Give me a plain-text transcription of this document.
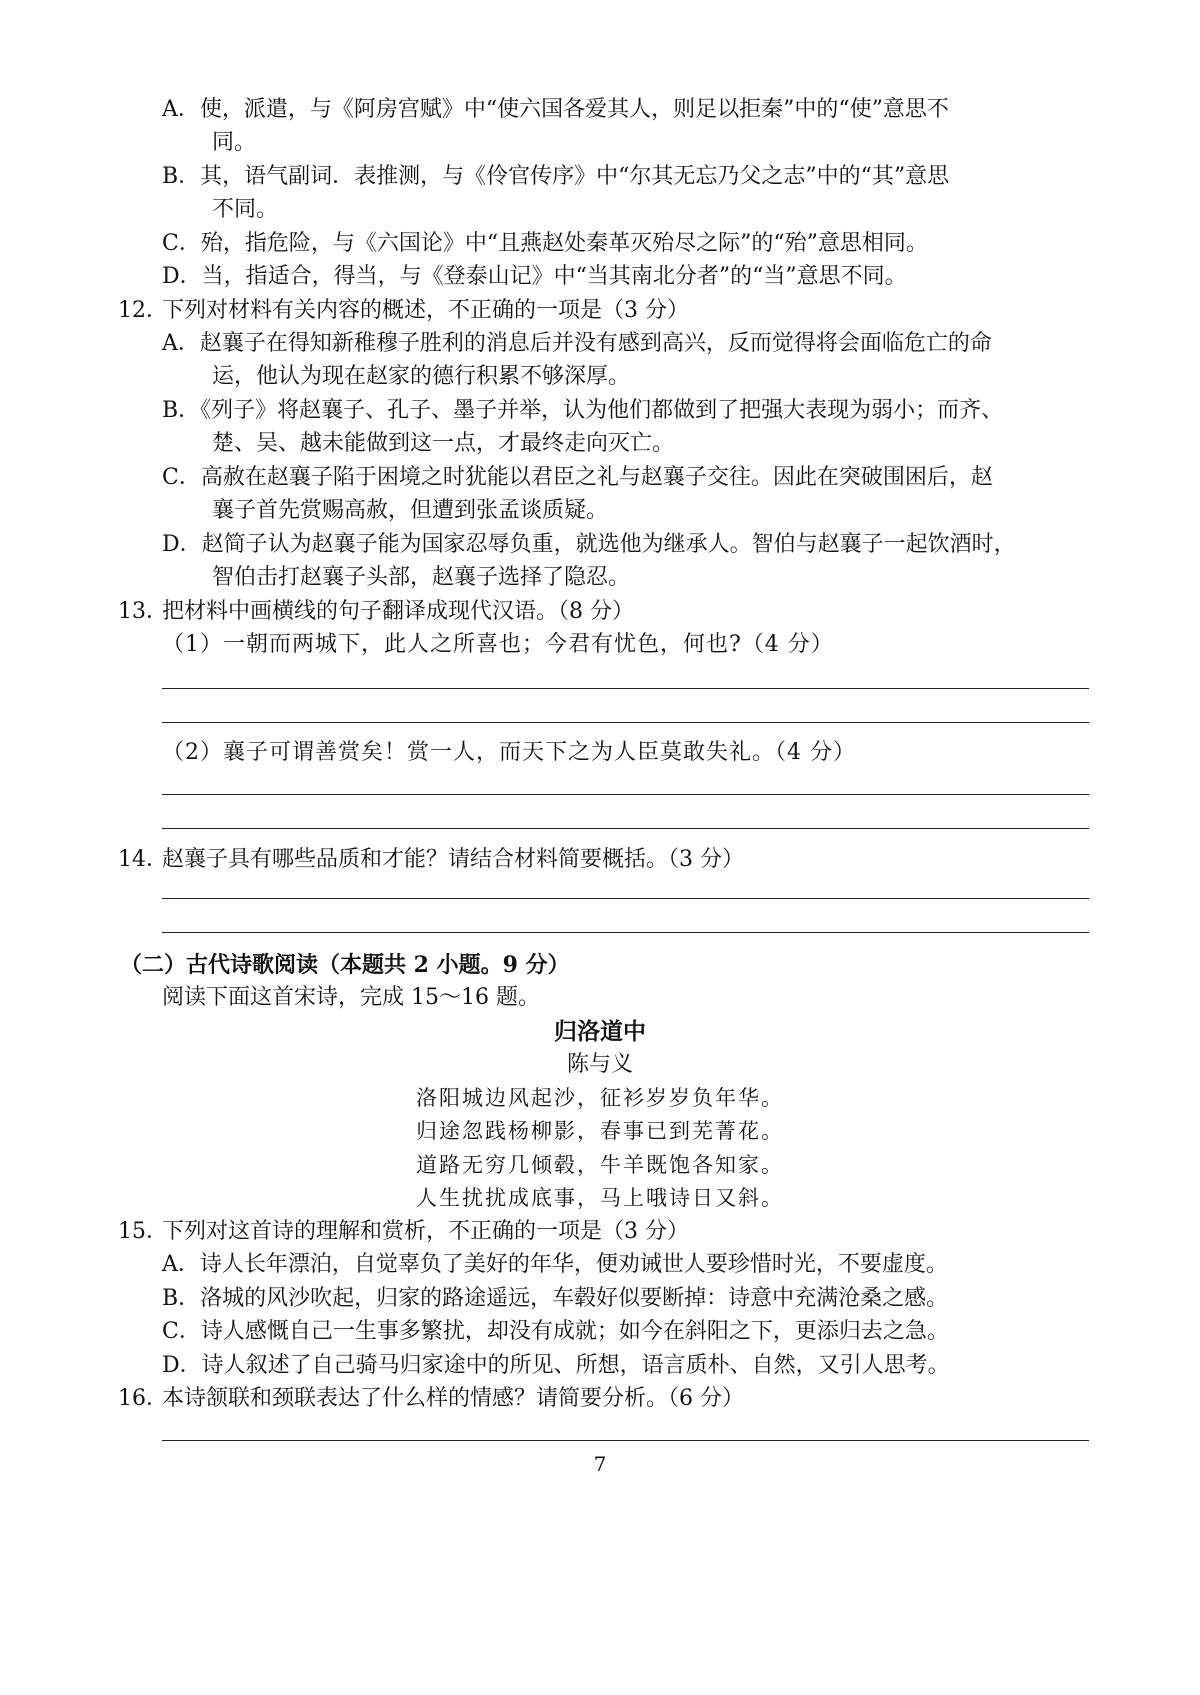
A．使，派遣，与《阿房宫赋》中“使六国各爱其人，则足以拒秦”中的“使”意思不
同。
B．其，语气副词．表推测，与《伶官传序》中“尔其无忘乃父之志”中的“其”意思
不同。
C．殆，指危险，与《六国论》中“且燕赵处秦革灭殆尽之际”的“殆”意思相同。
D．当，指适合，得当，与《登泰山记》中“当其南北分者”的“当”意思不同。
12．
下列对材料有关内容的概述，不正确的一项是（3 分）
A．赵襄子在得知新稚穆子胜利的消息后并没有感到高兴，反而觉得将会面临危亡的命
运，他认为现在赵家的德行积累不够深厚。
B．《列子》将赵襄子、孔子、墨子并举，认为他们都做到了把强大表现为弱小；而齐、
楚、吴、越未能做到这一点，才最终走向灭亡。
C．高赦在赵襄子陷于困境之时犹能以君臣之礼与赵襄子交往。因此在突破围困后，赵
襄子首先赏赐高赦，但遭到张孟谈质疑。
D．赵简子认为赵襄子能为国家忍辱负重，就选他为继承人。智伯与赵襄子一起饮酒时，
智伯击打赵襄子头部，赵襄子选择了隐忍。
13．
把材料中画横线的句子翻译成现代汉语。（8 分）
（1）一朝而两城下，此人之所喜也；今君有忧色，何也?（4 分）
（2）襄子可谓善赏矣！赏一人，而天下之为人臣莫敢失礼。（4 分）
14．
赵襄子具有哪些品质和才能？请结合材料简要概括。（3 分）
（二）古代诗歌阅读（本题共 2 小题。9 分）
阅读下面这首宋诗，完成 15～16 题。
归洛道中
陈与义
洛阳城边风起沙，征衫岁岁负年华。
归途忽践杨柳影，春事已到芜菁花。
道路无穷几倾毂，牛羊既饱各知家。
人生扰扰成底事，马上哦诗日又斜。
15．
下列对这首诗的理解和赏析，不正确的一项是（3 分）
A．诗人长年漂泊，自觉辜负了美好的年华，便劝诫世人要珍惜时光，不要虚度。
B．洛城的风沙吹起，归家的路途遥远，车毂好似要断掉：诗意中充满沧桑之感。
C．诗人感慨自己一生事多繁扰，却没有成就；如今在斜阳之下，更添归去之急。
D．诗人叙述了自己骑马归家途中的所见、所想，语言质朴、自然，又引人思考。
16．
本诗颔联和颈联表达了什么样的情感？请简要分析。（6 分）
7
